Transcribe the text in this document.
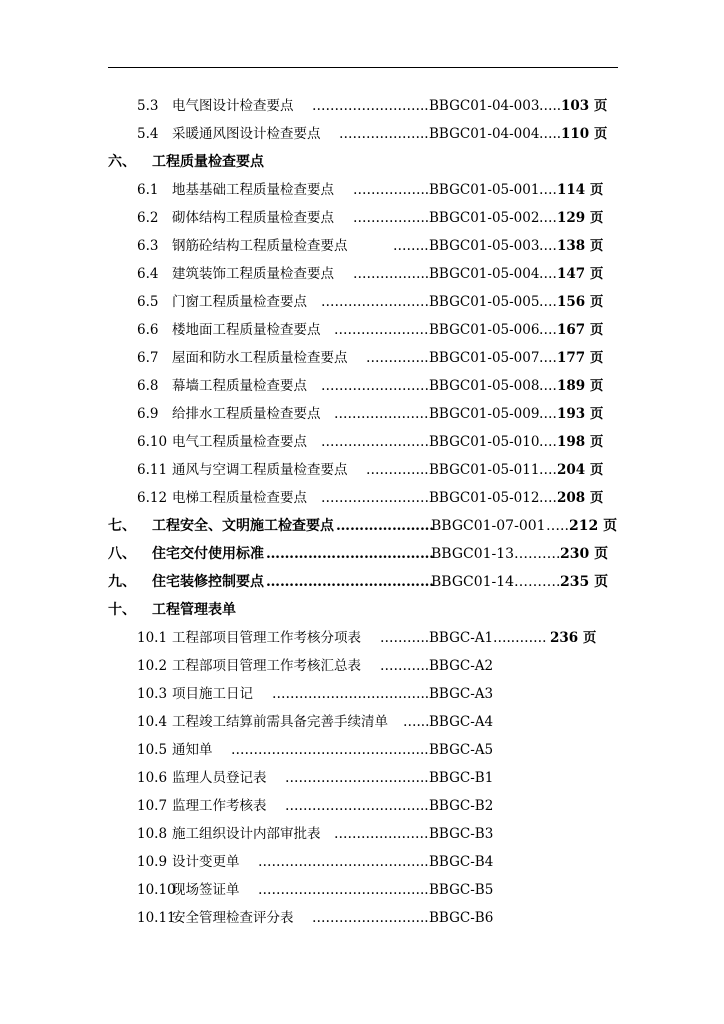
5.3 电气图设计检查要点 …………………….. BBGC01-04-003 ….. 103 页
5.4 采暖通风图设计检查要点 ……………….. BBGC01-04-004 ….. 110 页
六、 工程质量检查要点
6.1 地基基础工程质量检查要点 …………….. BBGC01-05-001 …. 114 页
6.2 砌体结构工程质量检查要点 …………….. BBGC01-05-002 …. 129 页
6.3 钢筋砼结构工程质量检查要点	…….. BBGC01-05-003 …. 138 页
6.4 建筑装饰工程质量检查要点 …………….. BBGC01-05-004 …. 147 页
6.5 门窗工程质量检查要点 …………………… BBGC01-05-005 …. 156 页
6.6 楼地面工程质量检查要点 ………………… BBGC01-05-006 …. 167 页
6.7 屋面和防水工程质量检查要点 ………….. BBGC01-05-007 …. 177 页
6.8 幕墙工程质量检查要点 …………………… BBGC01-05-008 …. 189 页
6.9 给排水工程质量检查要点 ………………… BBGC01-05-009 …. 193 页
6.10 电气工程质量检查要点 …………………… BBGC01-05-010 …. 198 页
6.11 通风与空调工程质量检查要点 ………….. BBGC01-05-011 …. 204 页
6.12 电梯工程质量检查要点 …………………… BBGC01-05-012 …. 208 页
七、 工程安全、文明施工检查要点 …………………
BBGC01-07-001 ….. 212 页
八、 住宅交付使用标准 ………………………………
BBGC01-13 ………. 230 页
九、 住宅装修控制要点 ………………………………
BBGC01-14 ………. 235 页
十、 工程管理表单
10.1 工程部项目管理工作考核分项表 ……….. BBGC-A1 …..……. 236 页
10.2 工程部项目管理工作考核汇总表 ……….. BBGC-A2
10.3 项目施工日记 …………………………….. BBGC-A3
10.4 工程竣工结算前需具备完善手续清单 …... BBGC-A4
10.5 通知单 …………………………………….. BBGC-A5
10.6 监理人员登记表 ………………………….. BBGC-B1
10.7 监理工作考核表 ………………………….. BBGC-B2
10.8 施工组织设计内部审批表 ………………… BBGC-B3
10.9 设计变更单 ……………………………….. BBGC-B4
10.10
现场签证单 ……………………………….. BBGC-B5
10.11
安全管理检查评分表 …………………….. BBGC-B6
